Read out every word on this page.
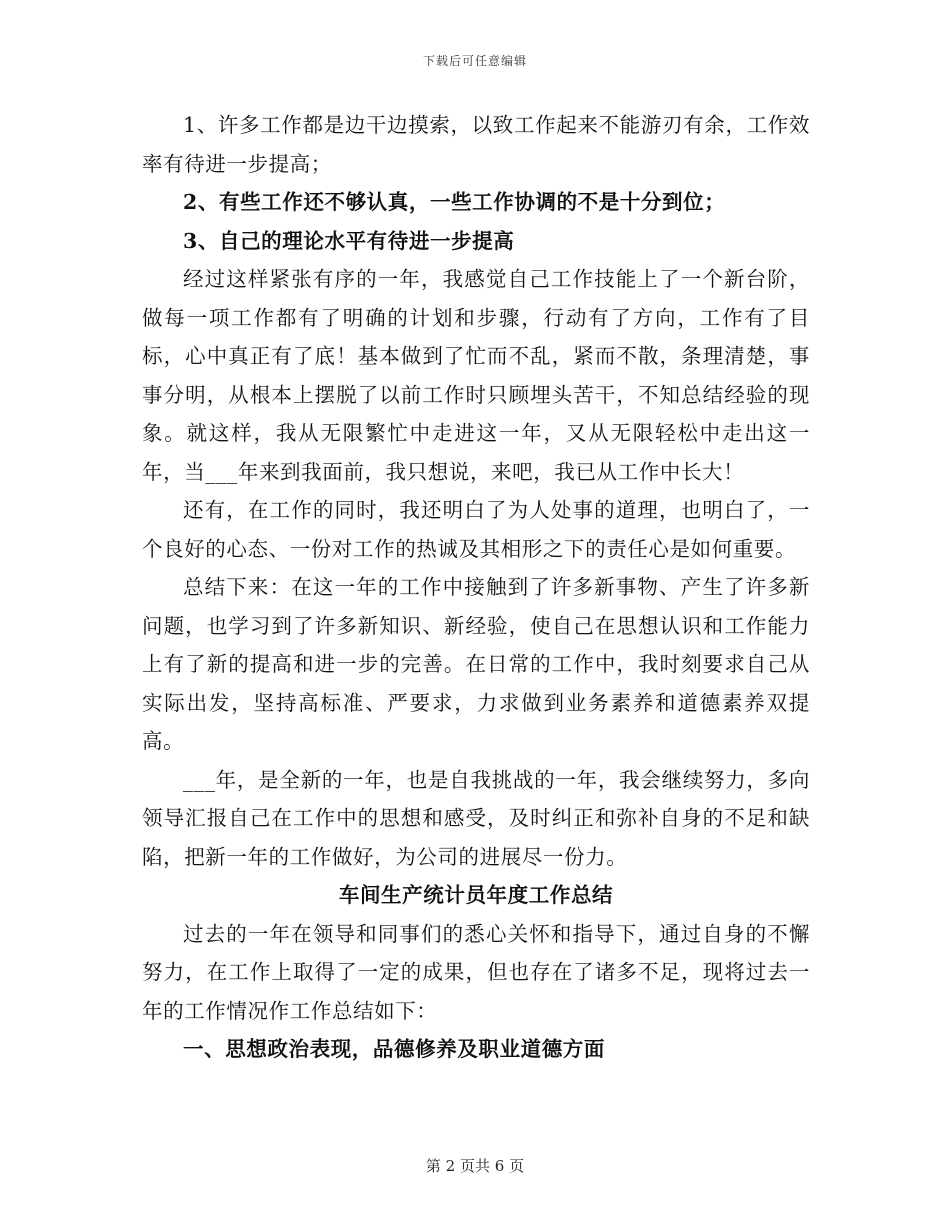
下载后可任意编辑

1、许多工作都是边干边摸索，以致工作起来不能游刃有余，工作效率有待进一步提高；

2、有些工作还不够认真，一些工作协调的不是十分到位；

3、自己的理论水平有待进一步提高

经过这样紧张有序的一年，我感觉自己工作技能上了一个新台阶，做每一项工作都有了明确的计划和步骤，行动有了方向，工作有了目标，心中真正有了底！基本做到了忙而不乱，紧而不散，条理清楚，事事分明，从根本上摆脱了以前工作时只顾埋头苦干，不知总结经验的现象。就这样，我从无限繁忙中走进这一年，又从无限轻松中走出这一年，当___年来到我面前，我只想说，来吧，我已从工作中长大！

还有，在工作的同时，我还明白了为人处事的道理，也明白了，一个良好的心态、一份对工作的热诚及其相形之下的责任心是如何重要。

总结下来：在这一年的工作中接触到了许多新事物、产生了许多新问题，也学习到了许多新知识、新经验，使自己在思想认识和工作能力上有了新的提高和进一步的完善。在日常的工作中，我时刻要求自己从实际出发，坚持高标准、严要求，力求做到业务素养和道德素养双提高。

___年，是全新的一年，也是自我挑战的一年，我会继续努力，多向领导汇报自己在工作中的思想和感受，及时纠正和弥补自身的不足和缺陷，把新一年的工作做好，为公司的进展尽一份力。

车间生产统计员年度工作总结

过去的一年在领导和同事们的悉心关怀和指导下，通过自身的不懈努力，在工作上取得了一定的成果，但也存在了诸多不足，现将过去一年的工作情况作工作总结如下：

一、思想政治表现，品德修养及职业道德方面

第 2 页共 6 页
